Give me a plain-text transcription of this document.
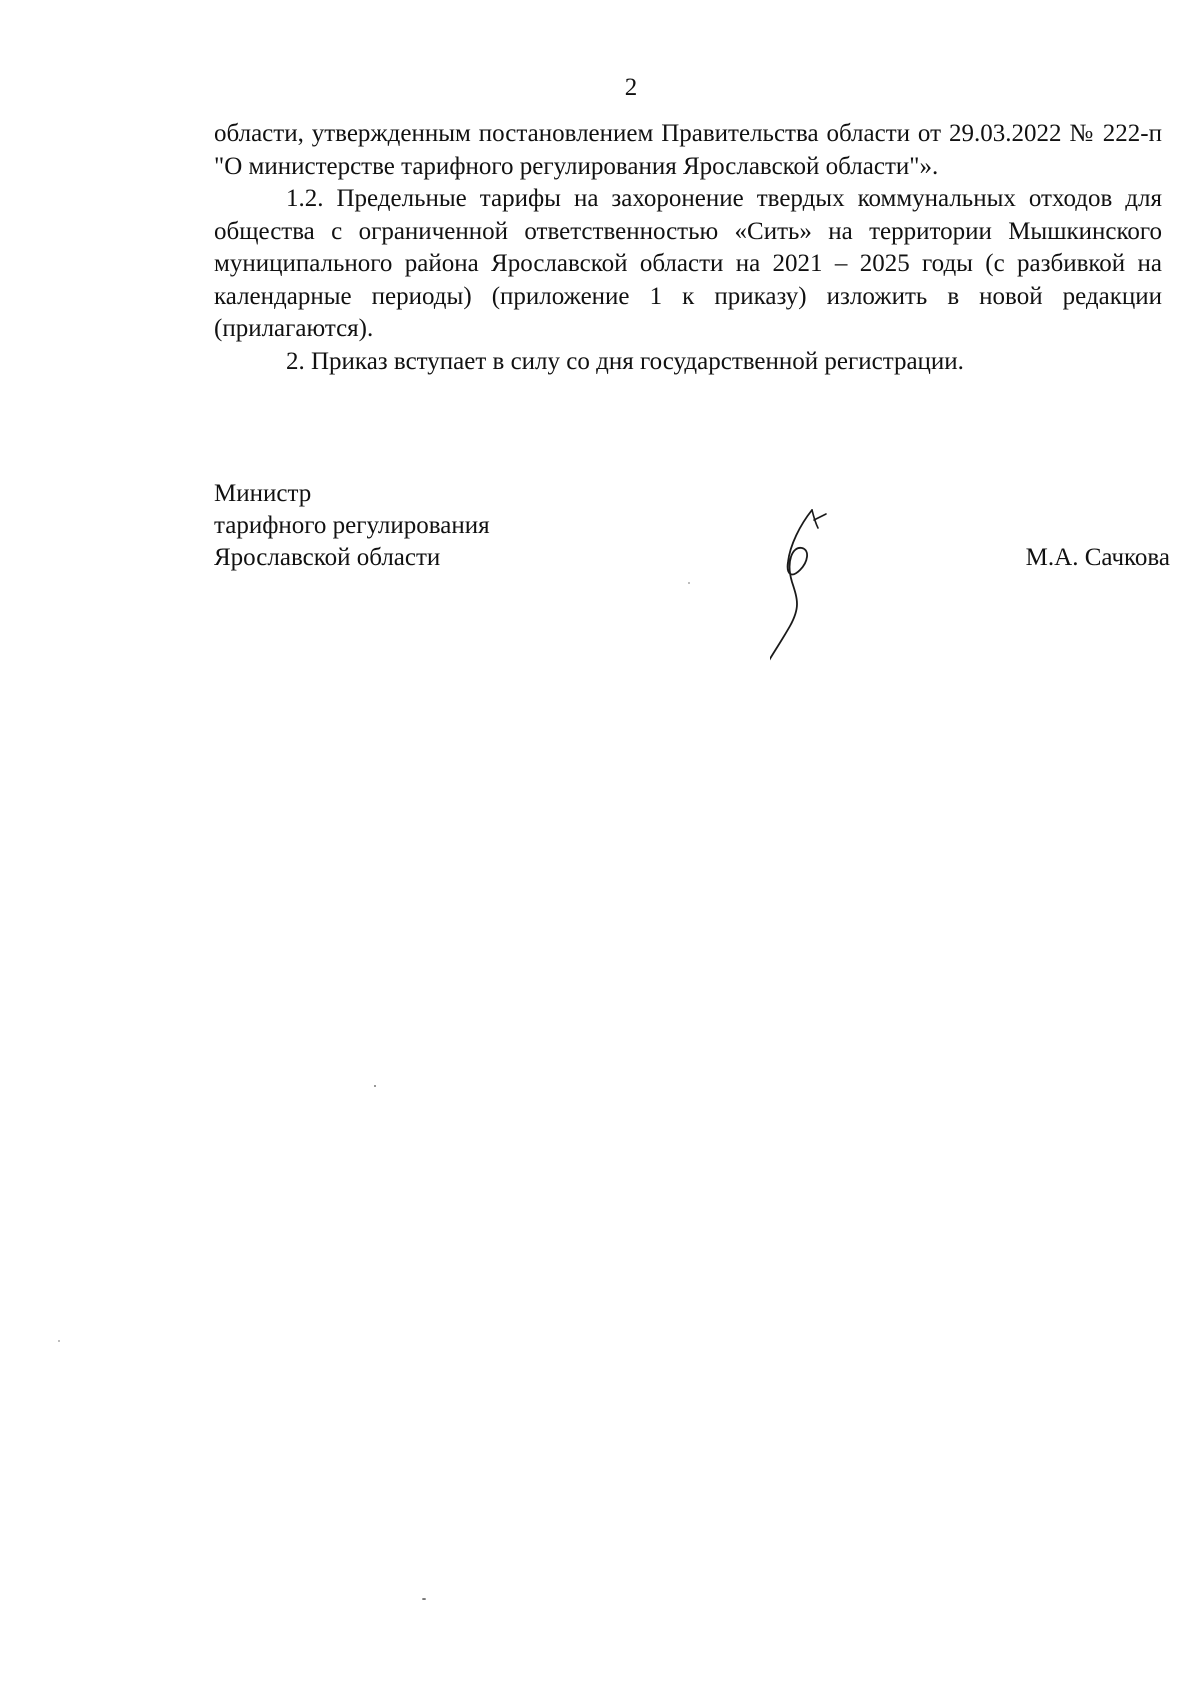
2

области, утвержденным постановлением Правительства области от 29.03.2022 № 222-п "О министерстве тарифного регулирования Ярославской области"».

1.2. Предельные тарифы на захоронение твердых коммунальных отходов для общества с ограниченной ответственностью «Сить» на территории Мышкинского муниципального района Ярославской области на 2021 – 2025 годы (с разбивкой на календарные периоды) (приложение 1 к приказу) изложить в новой редакции (прилагаются).

2. Приказ вступает в силу со дня государственной регистрации.

Министр
тарифного регулирования
Ярославской области	М.А. Сачкова
